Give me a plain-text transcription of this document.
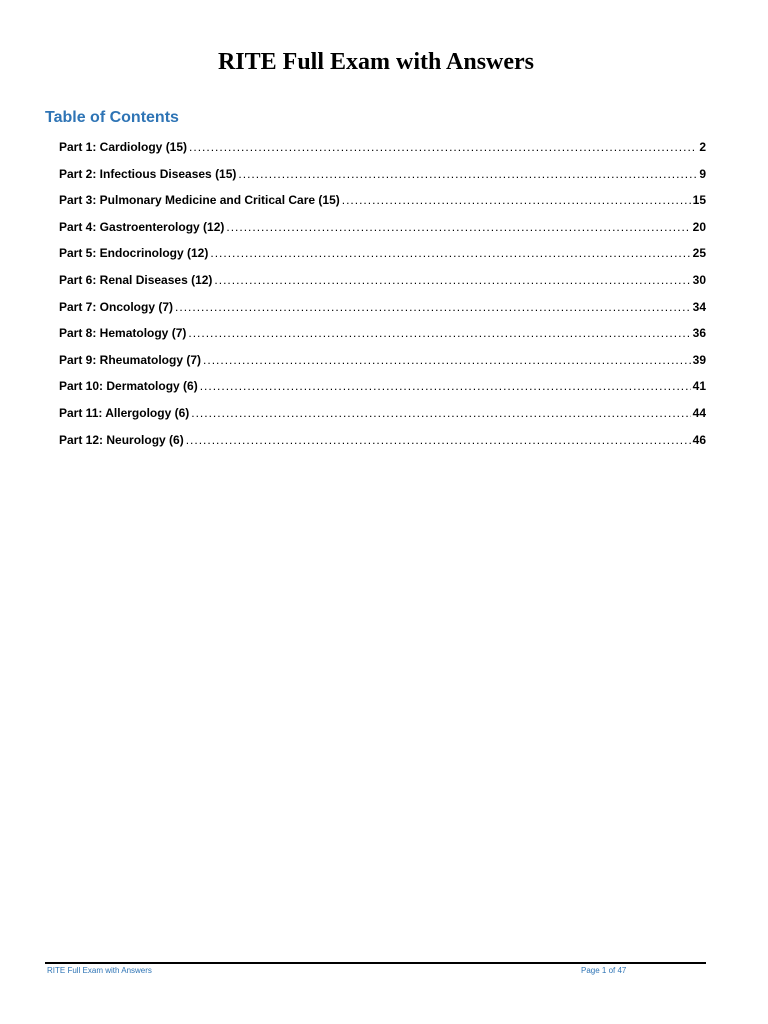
RITE Full Exam with Answers
Table of Contents
Part 1: Cardiology (15) .....	2
Part 2: Infectious Diseases (15) .....	9
Part 3: Pulmonary Medicine and Critical Care (15) .....	15
Part 4: Gastroenterology (12) .....	20
Part 5: Endocrinology (12) .....	25
Part 6: Renal Diseases (12) .....	30
Part 7: Oncology (7) .....	34
Part 8: Hematology (7) .....	36
Part 9: Rheumatology (7) .....	39
Part 10: Dermatology (6) .....	41
Part 11: Allergology (6) .....	44
Part 12: Neurology (6) .....	46

RITE Full Exam with Answers	Page 1 of 47
